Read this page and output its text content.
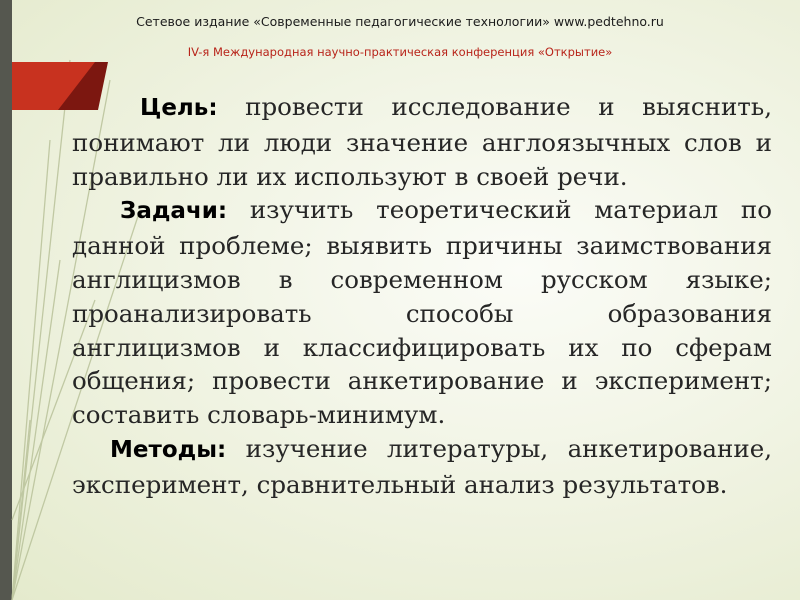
Сетевое издание «Современные педагогические технологии» www.pedtehno.ru
IV-я Международная научно-практическая конференция «Открытие»

Цель: провести исследование и выяснить, понимают ли люди значение англоязычных слов и правильно ли их используют в своей речи.

Задачи: изучить теоретический материал по данной проблеме; выявить причины заимствования англицизмов в современном русском языке; проанализировать способы образования англицизмов и классифицировать их по сферам общения; провести анкетирование и эксперимент; составить словарь-минимум.

Методы: изучение литературы, анкетирование, эксперимент, сравнительный анализ результатов.
